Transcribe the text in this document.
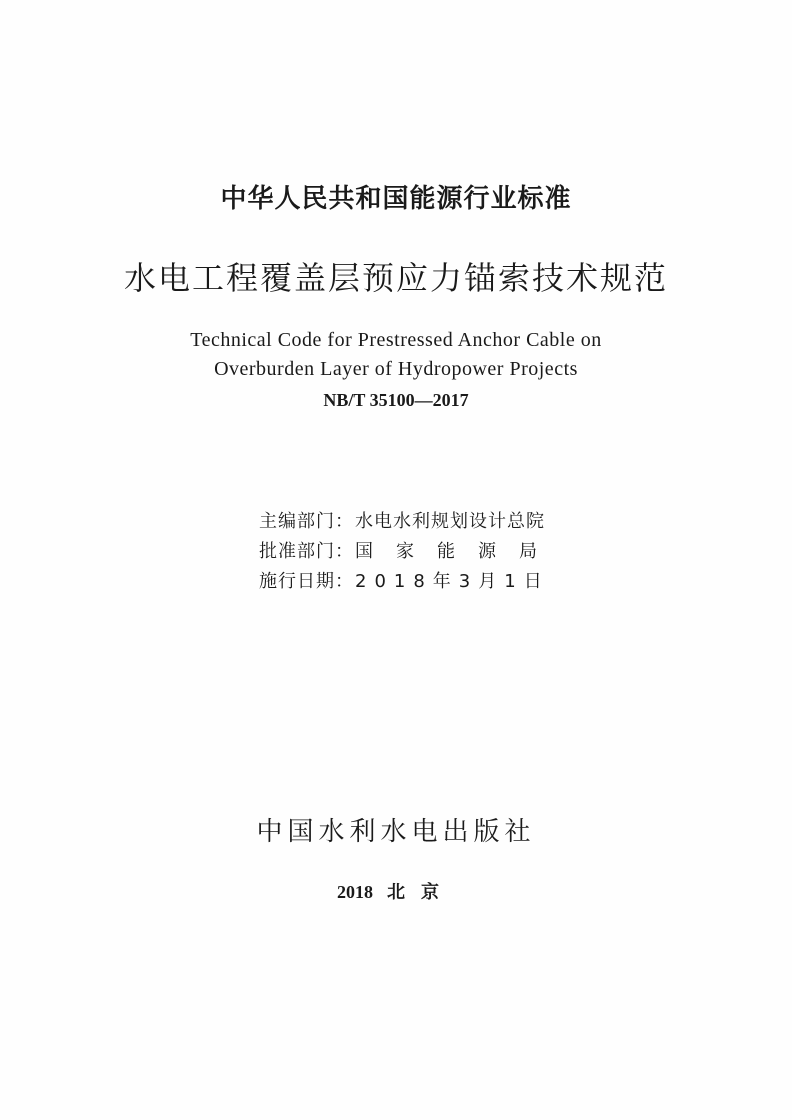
中华人民共和国能源行业标准
水电工程覆盖层预应力锚索技术规范
Technical Code for Prestressed Anchor Cable on
Overburden Layer of Hydropower Projects
NB/T 35100—2017
主编部门 ： 水电水利规划设计总院
批准部门 ： 国家能源局
施行日期 ： 2018年3月1日
中国水利水电出版社
2018 北京
